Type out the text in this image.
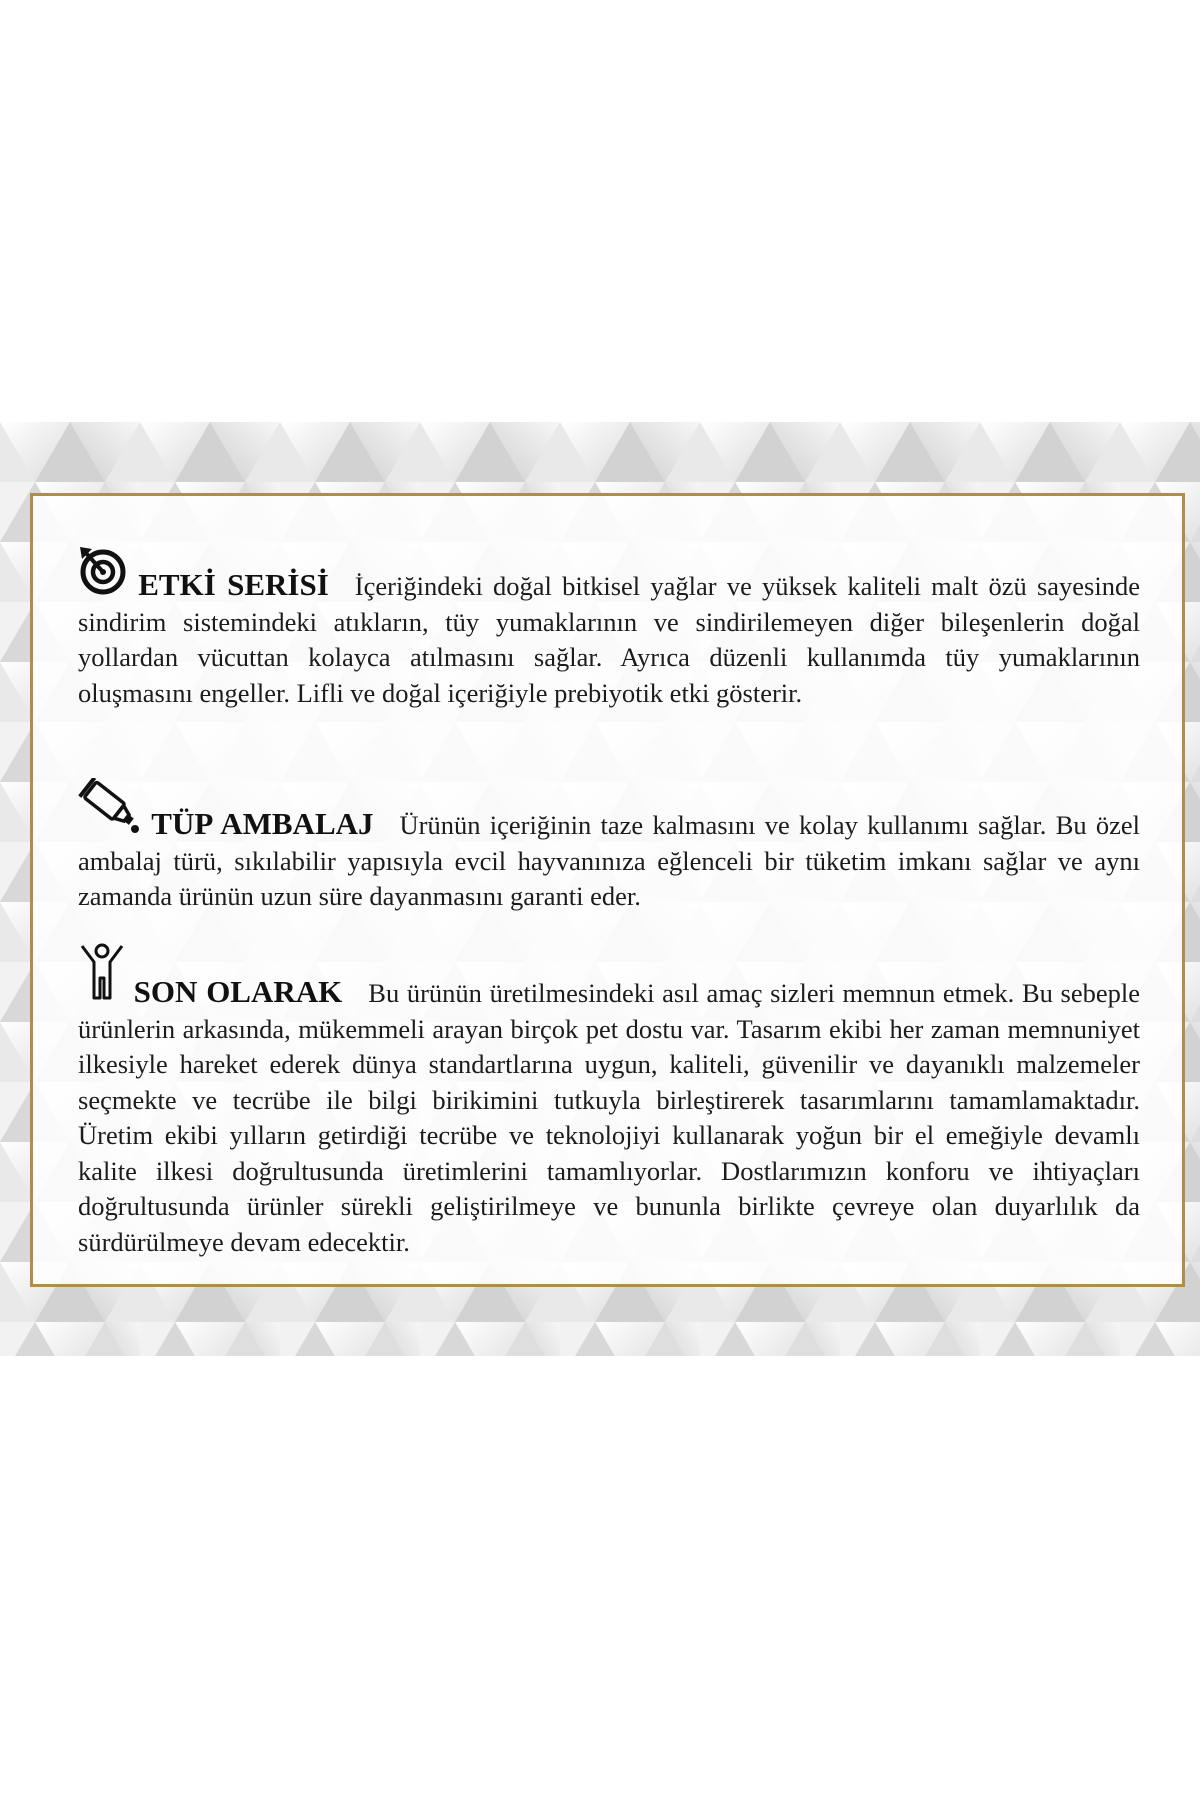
ETKİ SERİSİ İçeriğindeki doğal bitkisel yağlar ve yüksek kaliteli malt özü sayesinde sindirim sistemindeki atıkların, tüy yumaklarının ve sindirilemeyen diğer bileşenlerin doğal yollardan vücuttan kolayca atılmasını sağlar. Ayrıca düzenli kullanımda tüy yumaklarının oluşmasını engeller. Lifli ve doğal içeriğiyle prebiyotik etki gösterir.
TÜP AMBALAJ Ürünün içeriğinin taze kalmasını ve kolay kullanımı sağlar. Bu özel ambalaj türü, sıkılabilir yapısıyla evcil hayvanınıza eğlenceli bir tüketim imkanı sağlar ve aynı zamanda ürünün uzun süre dayanmasını garanti eder.
SON OLARAK Bu ürünün üretilmesindeki asıl amaç sizleri memnun etmek. Bu sebeple ürünlerin arkasında, mükemmeli arayan birçok pet dostu var. Tasarım ekibi her zaman memnuniyet ilkesiyle hareket ederek dünya standartlarına uygun, kaliteli, güvenilir ve dayanıklı malzemeler seçmekte ve tecrübe ile bilgi birikimini tutkuyla birleştirerek tasarımlarını tamamlamaktadır. Üretim ekibi yılların getirdiği tecrübe ve teknolojiyi kullanarak yoğun bir el emeğiyle devamlı kalite ilkesi doğrultusunda üretimlerini tamamlıyorlar. Dostlarımızın konforu ve ihtiyaçları doğrultusunda ürünler sürekli geliştirilmeye ve bununla birlikte çevreye olan duyarlılık da sürdürülmeye devam edecektir.
